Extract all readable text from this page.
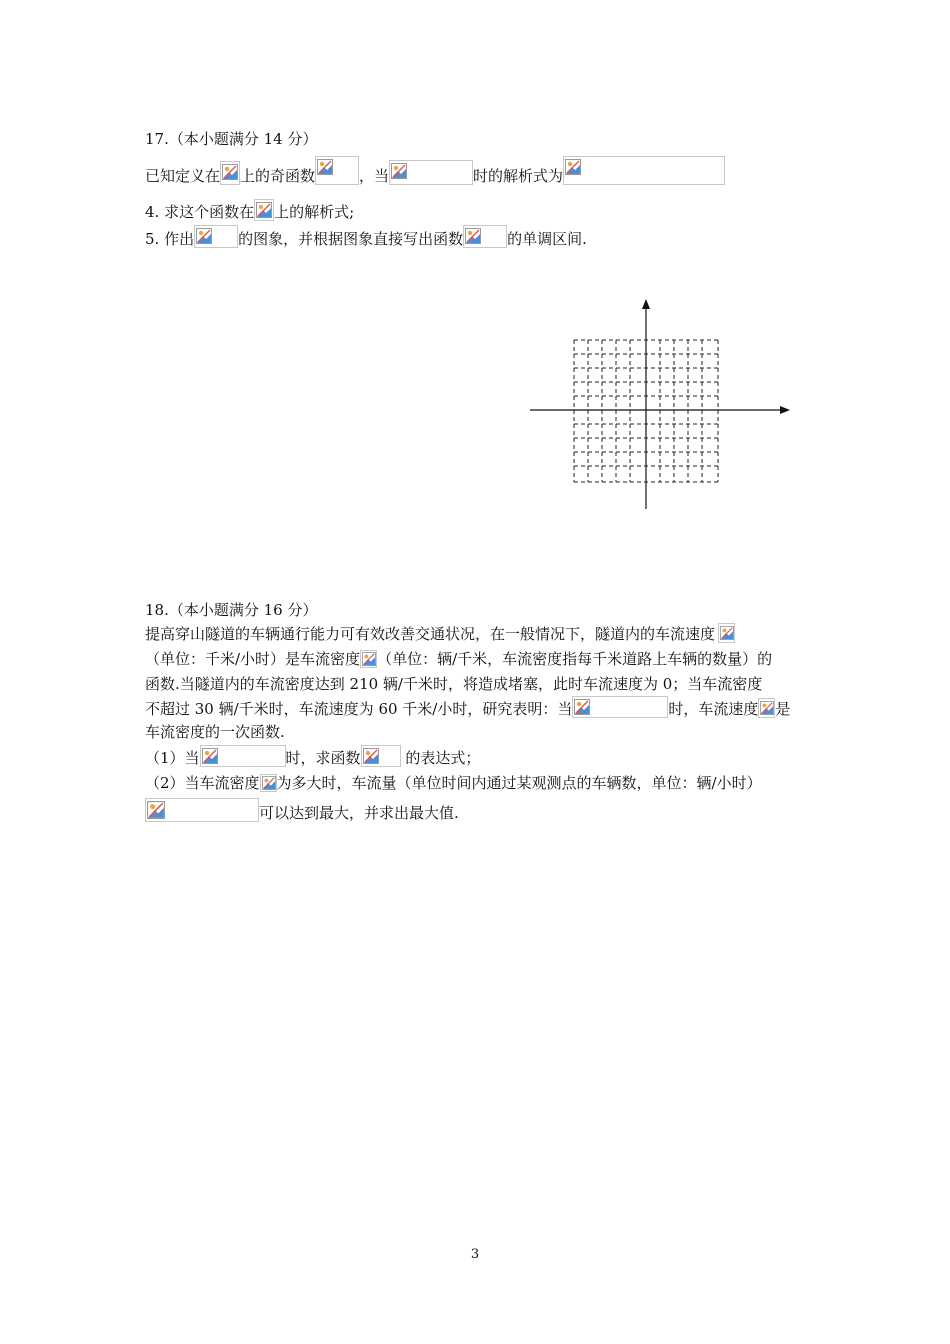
17.（本小题满分 14 分）
已知定义在 上的奇函数	，当	时的解析式为
4. 求这个函数在 上的解析式;
5. 作出	的图象，并根据图象直接写出函数	的单调区间.
18.（本小题满分 16 分）
提高穿山隧道的车辆通行能力可有效改善交通状况，在一般情况下，隧道内的车流速度
（单位：千米/小时）是车流密度 （单位：辆/千米，车流密度指每千米道路上车辆的数量）的
函数.当隧道内的车流密度达到 210 辆/千米时，将造成堵塞，此时车流速度为 0；当车流密度
不超过 30 辆/千米时，车流速度为 60 千米/小时，研究表明：当	时，车流速度 是
车流密度的一次函数.
（1）当	时，求函数	的表达式；
（2）当车流密度 为多大时，车流量（单位时间内通过某观测点的车辆数，单位：辆/小时）
可以达到最大，并求出最大值.
3
